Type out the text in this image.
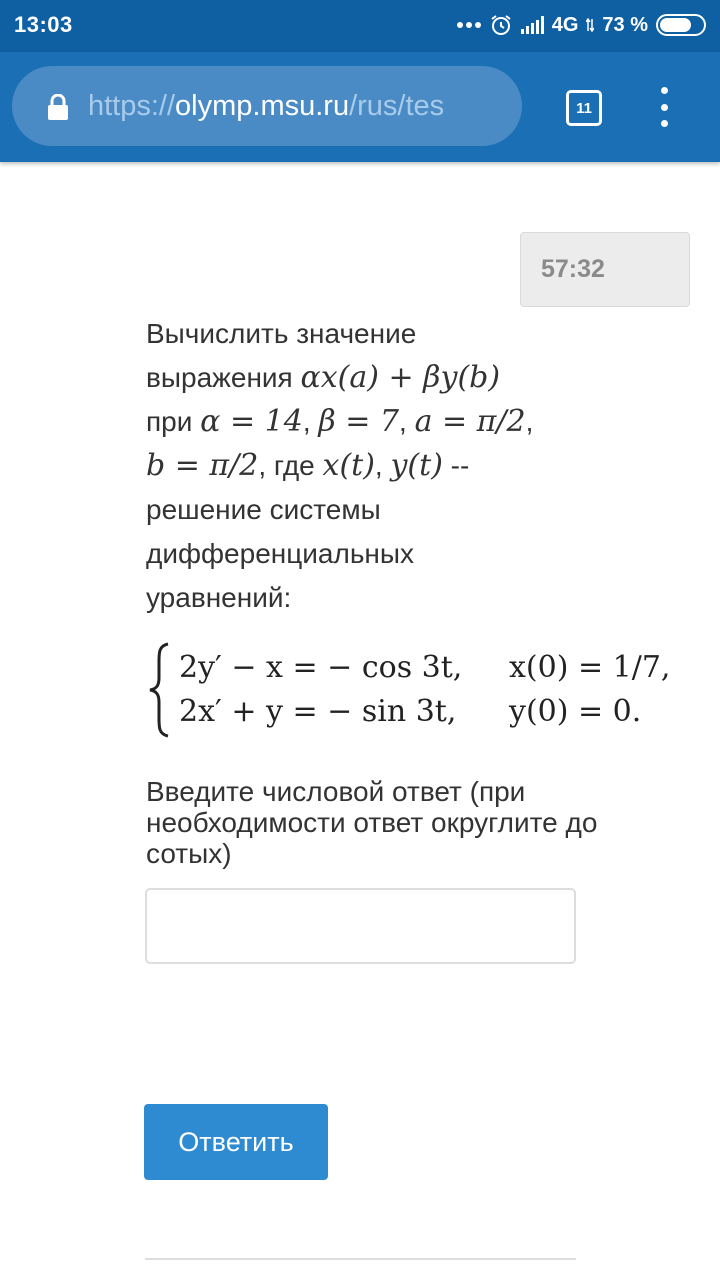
13:03	4G 73 %
https://olymp.msu.ru/rus/tes	11
57:32
Вычислить значение
выражения αx(a) + βy(b)
при α = 14, β = 7, a = π/2,
b = π/2, где x(t), y(t) --
решение системы
дифференциальных
уравнений:
2y′ − x = − cos 3t, x(0) = 1/7,
2x′ + y = − sin 3t, y(0) = 0.
Введите числовой ответ (при необходимости ответ округлите до сотых)
Ответить
